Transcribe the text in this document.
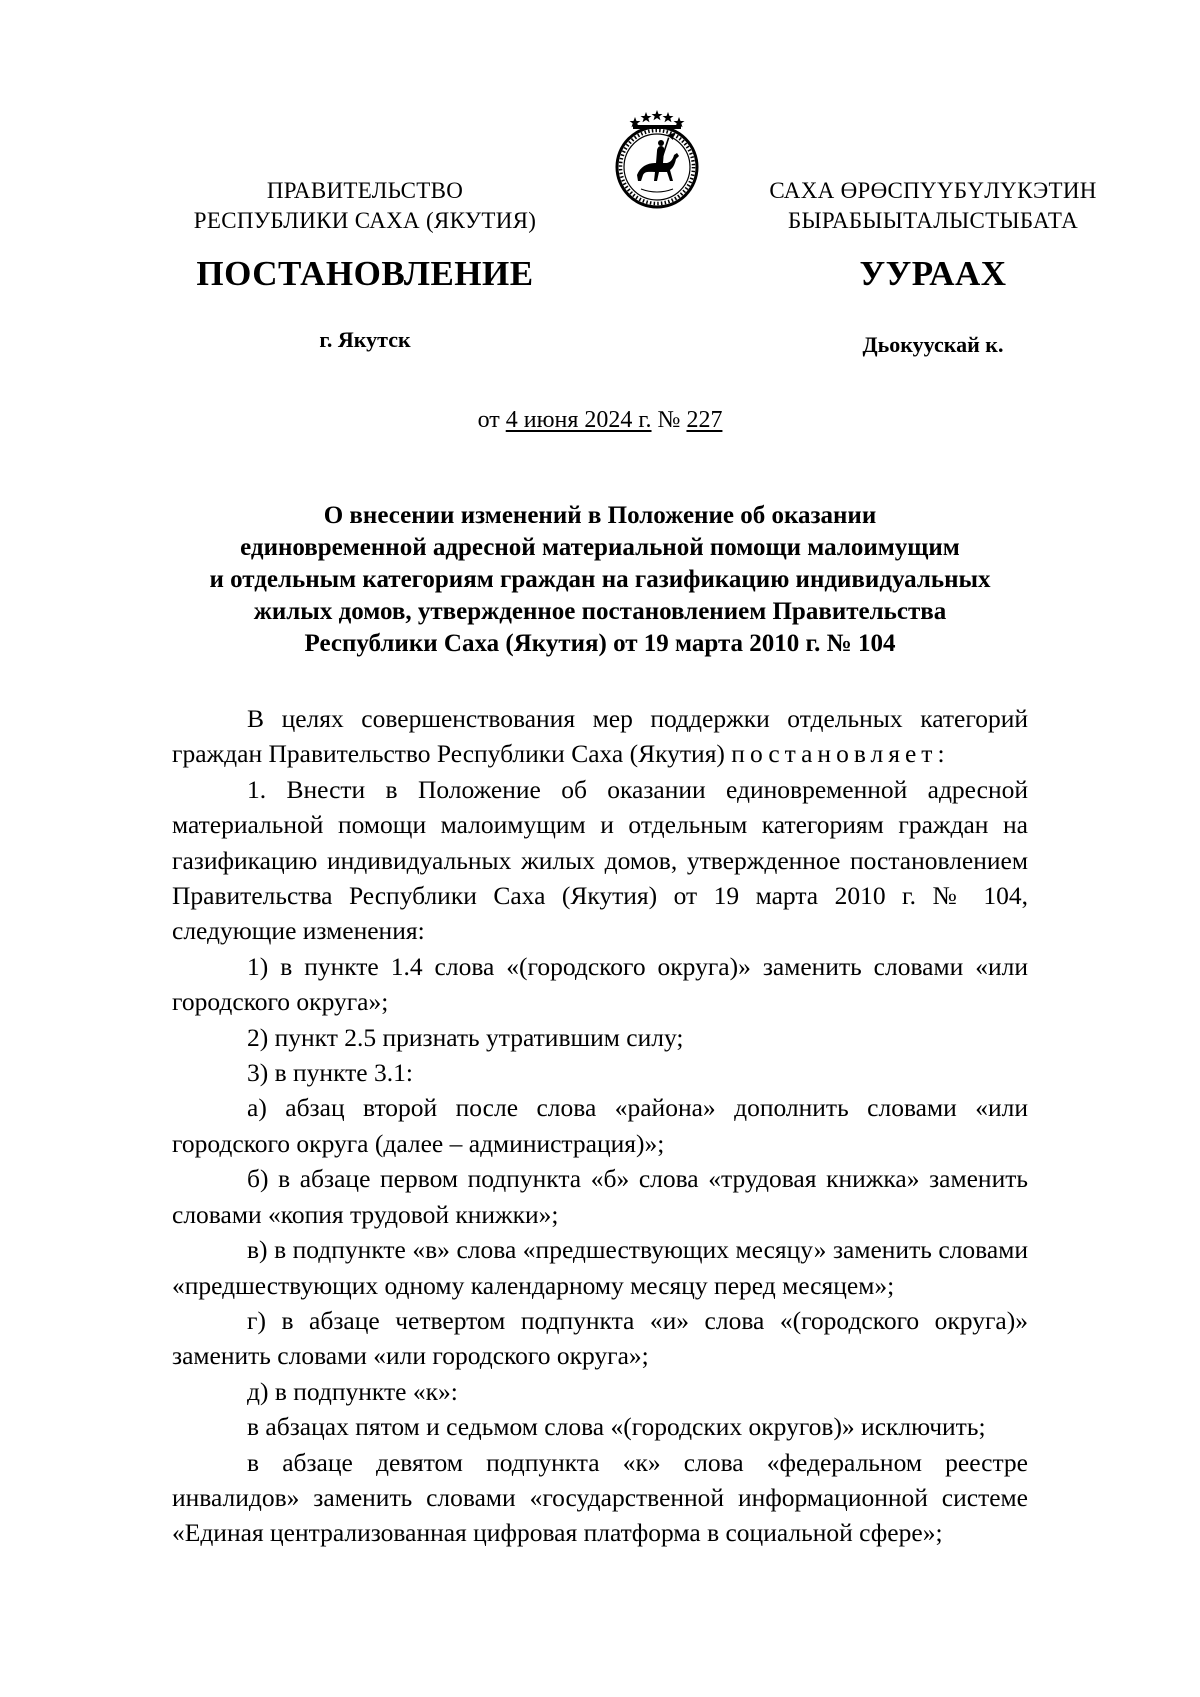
ПРАВИТЕЛЬСТВО
РЕСПУБЛИКИ САХА (ЯКУТИЯ)
САХА ӨРӨСПҮҮБҮЛҮКЭТИН
БЫРАБЫЫТАЛЫСТЫБАТА
ПОСТАНОВЛЕНИЕ	УУРААХ
г. Якутск	Дьокуускай к.
от 4 июня 2024 г. № 227
О внесении изменений в Положение об оказании
единовременной адресной материальной помощи малоимущим
и отдельным категориям граждан на газификацию индивидуальных
жилых домов, утвержденное постановлением Правительства
Республики Саха (Якутия) от 19 марта 2010 г. № 104

В целях совершенствования мер поддержки отдельных категорий граждан Правительство Республики Саха (Якутия) постановляет:

1. Внести в Положение об оказании единовременной адресной материальной помощи малоимущим и отдельным категориям граждан на газификацию индивидуальных жилых домов, утвержденное постановлением Правительства Республики Саха (Якутия) от 19 марта 2010 г. № 104, следующие изменения:

1) в пункте 1.4 слова «(городского округа)» заменить словами «или городского округа»;

2) пункт 2.5 признать утратившим силу;

3) в пункте 3.1:

а) абзац второй после слова «района» дополнить словами «или городского округа (далее – администрация)»;

б) в абзаце первом подпункта «б» слова «трудовая книжка» заменить словами «копия трудовой книжки»;

в) в подпункте «в» слова «предшествующих месяцу» заменить словами «предшествующих одному календарному месяцу перед месяцем»;

г) в абзаце четвертом подпункта «и» слова «(городского округа)» заменить словами «или городского округа»;

д) в подпункте «к»:

в абзацах пятом и седьмом слова «(городских округов)» исключить;

в абзаце девятом подпункта «к» слова «федеральном реестре инвалидов» заменить словами «государственной информационной системе «Единая централизованная цифровая платформа в социальной сфере»;
